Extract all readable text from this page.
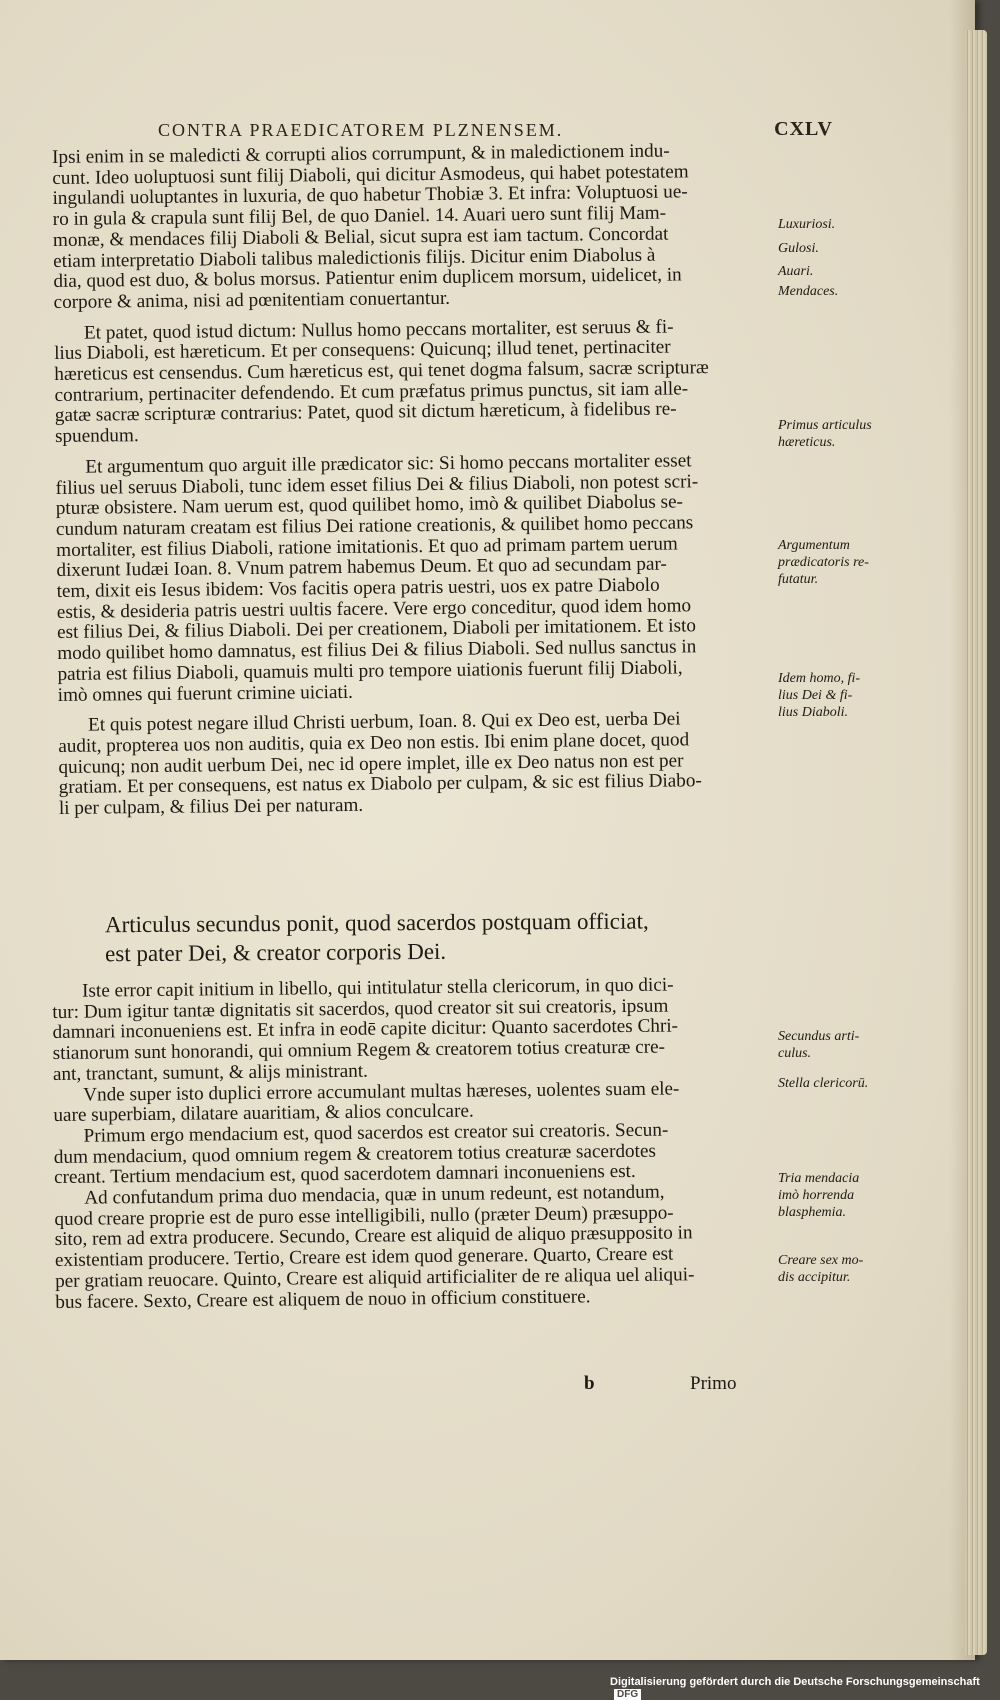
CONTRA PRAEDICATOREM PLZNENSEM.	CXLV

Ipsi enim in se maledicti & corrupti alios corrumpunt, & in maledictionem indu-
cunt. Ideo uoluptuosi sunt filij Diaboli, qui dicitur Asmodeus, qui habet potestatem
ingulandi uoluptantes in luxuria, de quo habetur Thobiæ 3. Et infra: Voluptuosi ue-
ro in gula & crapula sunt filij Bel, de quo Daniel. 14. Auari uero sunt filij Mam-
monæ, & mendaces filij Diaboli & Belial, sicut supra est iam tactum. Concordat
etiam interpretatio Diaboli talibus maledictionis filijs. Dicitur enim Diabolus à
dia, quod est duo, & bolus morsus. Patientur enim duplicem morsum, uidelicet, in
corpore & anima, nisi ad pœnitentiam conuertantur.

Et patet, quod istud dictum: Nullus homo peccans mortaliter, est seruus & fi-
lius Diaboli, est hæreticum. Et per consequens: Quicunq; illud tenet, pertinaciter
hæreticus est censendus. Cum hæreticus est, qui tenet dogma falsum, sacræ scripturæ
contrarium, pertinaciter defendendo. Et cum præfatus primus punctus, sit iam alle-
gatæ sacræ scripturæ contrarius: Patet, quod sit dictum hæreticum, à fidelibus re-
spuendum.

Et argumentum quo arguit ille prædicator sic: Si homo peccans mortaliter esset
filius uel seruus Diaboli, tunc idem esset filius Dei & filius Diaboli, non potest scri-
pturæ obsistere. Nam uerum est, quod quilibet homo, imò & quilibet Diabolus se-
cundum naturam creatam est filius Dei ratione creationis, & quilibet homo peccans
mortaliter, est filius Diaboli, ratione imitationis. Et quo ad primam partem uerum
dixerunt Iudæi Ioan. 8. Vnum patrem habemus Deum. Et quo ad secundam par-
tem, dixit eis Iesus ibidem: Vos facitis opera patris uestri, uos ex patre Diabolo
estis, & desideria patris uestri uultis facere. Vere ergo conceditur, quod idem homo
est filius Dei, & filius Diaboli. Dei per creationem, Diaboli per imitationem. Et isto
modo quilibet homo damnatus, est filius Dei & filius Diaboli. Sed nullus sanctus in
patria est filius Diaboli, quamuis multi pro tempore uiationis fuerunt filij Diaboli,
imò omnes qui fuerunt crimine uiciati.

Et quis potest negare illud Christi uerbum, Ioan. 8. Qui ex Deo est, uerba Dei
audit, propterea uos non auditis, quia ex Deo non estis. Ibi enim plane docet, quod
quicunq; non audit uerbum Dei, nec id opere implet, ille ex Deo natus non est per
gratiam. Et per consequens, est natus ex Diabolo per culpam, & sic est filius Diabo-
li per culpam, & filius Dei per naturam.

Articulus secundus ponit, quod sacerdos postquam officiat,
est pater Dei, & creator corporis Dei.

Iste error capit initium in libello, qui intitulatur stella clericorum, in quo dici-
tur: Dum igitur tantæ dignitatis sit sacerdos, quod creator sit sui creatoris, ipsum
damnari inconueniens est. Et infra in eodē capite dicitur: Quanto sacerdotes Chri-
stianorum sunt honorandi, qui omnium Regem & creatorem totius creaturæ cre-
ant, tranctant, sumunt, & alijs ministrant.

Vnde super isto duplici errore accumulant multas hæreses, uolentes suam ele-
uare superbiam, dilatare auaritiam, & alios conculcare.

Primum ergo mendacium est, quod sacerdos est creator sui creatoris. Secun-
dum mendacium, quod omnium regem & creatorem totius creaturæ sacerdotes
creant. Tertium mendacium est, quod sacerdotem damnari inconueniens est.

Ad confutandum prima duo mendacia, quæ in unum redeunt, est notandum,
quod creare proprie est de puro esse intelligibili, nullo (præter Deum) præsuppo-
sito, rem ad extra producere. Secundo, Creare est aliquid de aliquo præsupposito in
existentiam producere. Tertio, Creare est idem quod generare. Quarto, Creare est
per gratiam reuocare. Quinto, Creare est aliquid artificialiter de re aliqua uel aliqui-
bus facere. Sexto, Creare est aliquem de nouo in officium constituere.

Luxuriosi.
Gulosi.
Auari.
Mendaces.
Primus articulus
hæreticus.
Argumentum
prædicatoris re-
futatur.
Idem homo, fi-
lius Dei & fi-
lius Diaboli.
Secundus arti-
culus.
Stella clericorū.
Tria mendacia
imò horrenda
blasphemia.
Creare sex mo-
dis accipitur.
b	Primo
Digitalisierung gefördert durch die Deutsche Forschungsgemeinschaft DFG
